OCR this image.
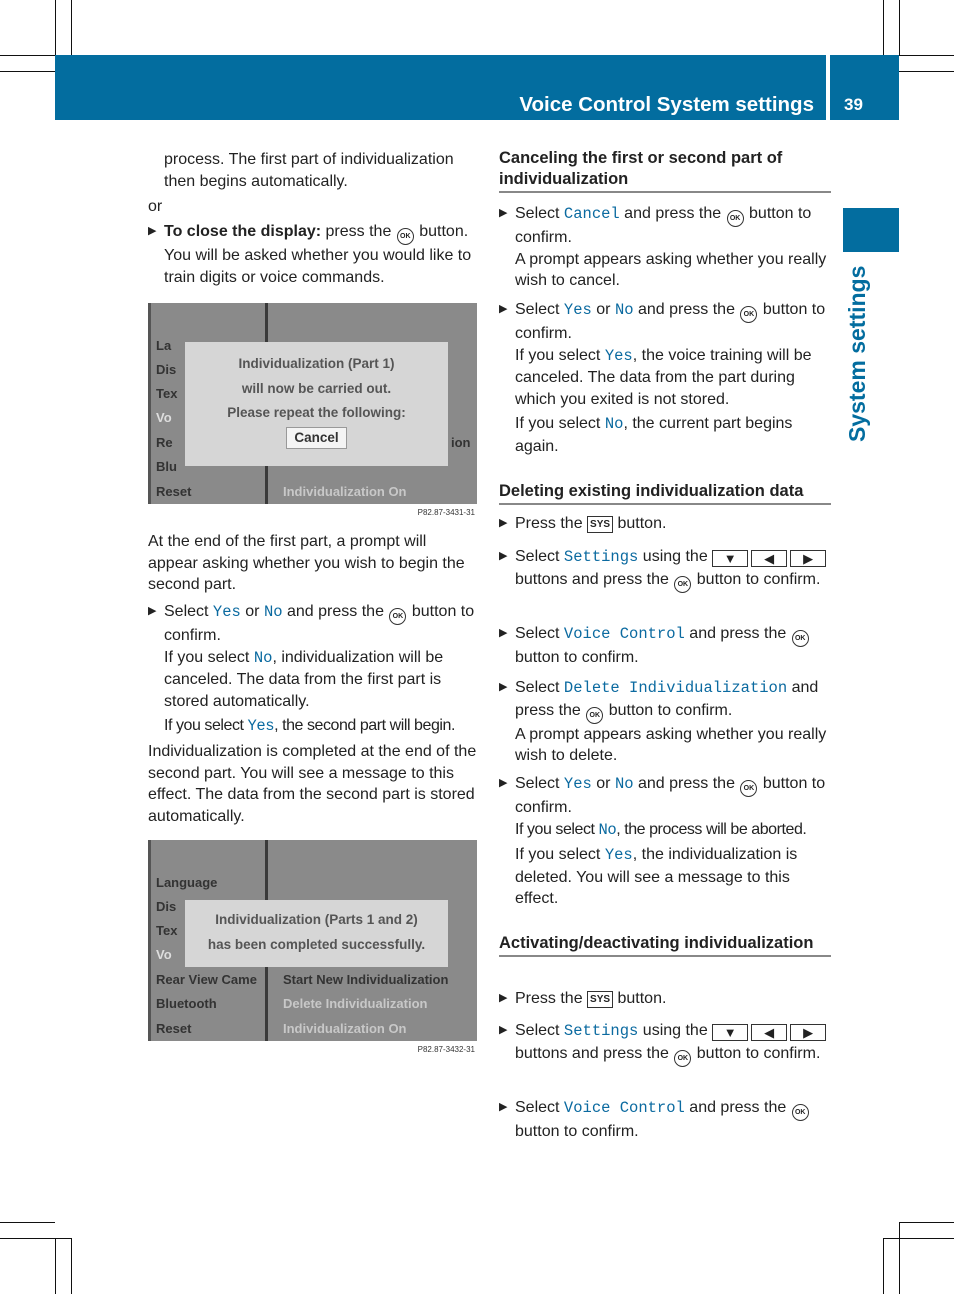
Voice Control System settings 39
System settings
process. The first part of individualization then begins automatically.
or
▶
To close the display: press the OK button.
You will be asked whether you would like to train digits or voice commands.
At the end of the first part, a prompt will appear asking whether you wish to begin the second part.
▶
Select Yes or No and press the OK button to confirm.
If you select No, individualization will be canceled. The data from the first part is stored automatically.
If you select Yes, the second part will begin.
Individualization is completed at the end of the second part. You will see a message to this effect. The data from the second part is stored automatically.
Canceling the first or second part of individualization
▶
Select Cancel and press the OK button to confirm.
A prompt appears asking whether you really wish to cancel.
▶
Select Yes or No and press the OK button to confirm.
If you select Yes, the voice training will be canceled. The data from the part during which you exited is not stored.
If you select No, the current part begins again.
Deleting existing individualization data
▶
Press the SYS button.
▶
Select Settings using the ▼ ◀ ▶ buttons and press the OK button to confirm.
▶
Select Voice Control and press the OK button to confirm.
▶
Select Delete Individualization and press the OK button to confirm.
A prompt appears asking whether you really wish to delete.
▶
Select Yes or No and press the OK button to confirm.
If you select No, the process will be aborted.
If you select Yes, the individualization is deleted. You will see a message to this effect.
Activating/deactivating individualization
▶
Press the SYS button.
▶
Select Settings using the ▼ ◀ ▶ buttons and press the OK button to confirm.
▶
Select Voice Control and press the OK button to confirm.
La
Dis
Tex
Vo
Re
Blu
Reset
ion
Individualization On
Individualization (Part 1)
will now be carried out.
Please repeat the following:
Cancel
P82.87-3431-31
Language
Dis
Tex
Vo
Rear View Came
Bluetooth
Reset
Start New Individualization
Delete Individualization
Individualization On
Individualization (Parts 1 and 2)
has been completed successfully.
P82.87-3432-31
